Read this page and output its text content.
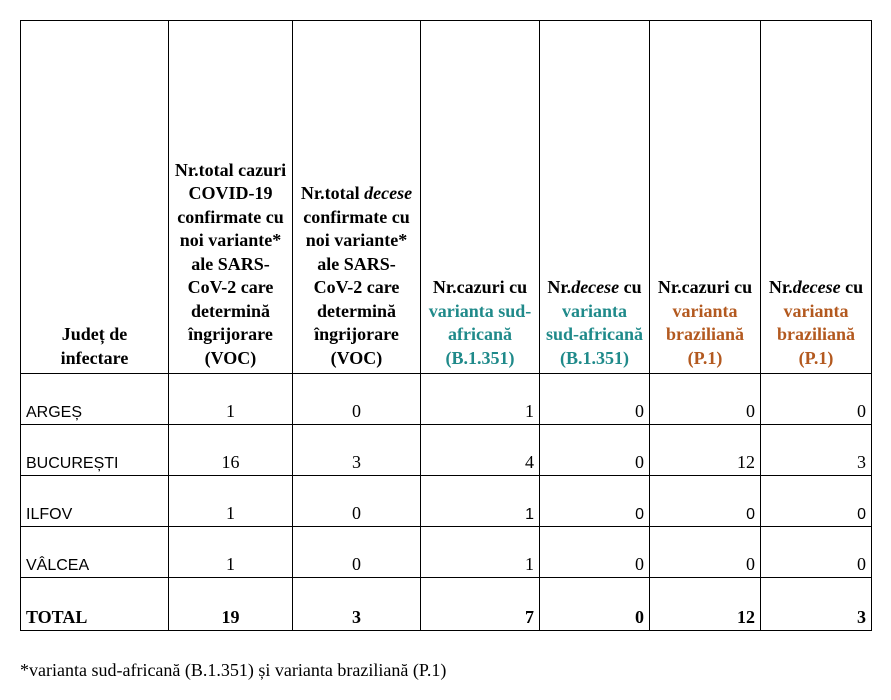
Județ de infectare	Nr.total cazuri COVID-19 confirmate cu noi variante* ale SARS-CoV-2 care determină îngrijorare (VOC)	Nr.total decese confirmate cu noi variante* ale SARS-CoV-2 care determină îngrijorare (VOC)	Nr.cazuri cu varianta sud-africană (B.1.351)	Nr.decese cu varianta sud-africană (B.1.351)	Nr.cazuri cu varianta braziliană (P.1)	Nr.decese cu varianta braziliană (P.1)
ARGEȘ	1	0	1	0	0	0
BUCUREȘTI	16	3	4	0	12	3
ILFOV	1	0	1	0	0	0
VÂLCEA	1	0	1	0	0	0
TOTAL	19	3	7	0	12	3
*varianta sud-africană (B.1.351) și varianta braziliană (P.1)
